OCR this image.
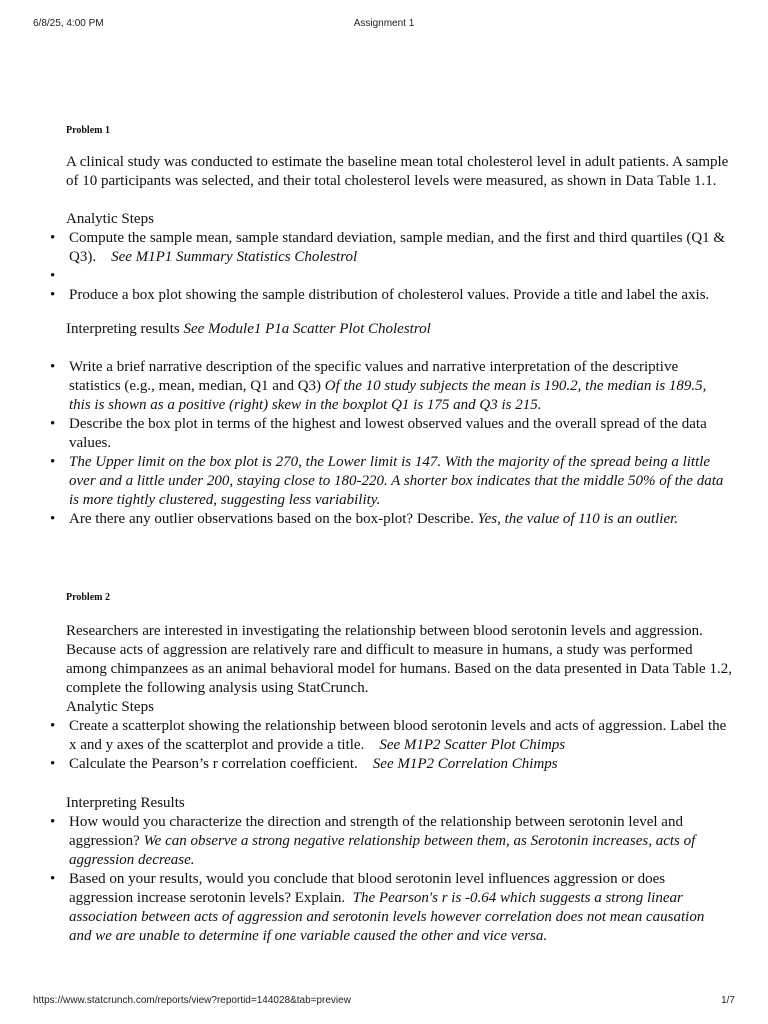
6/8/25, 4:00 PM	Assignment 1
Problem 1
A clinical study was conducted to estimate the baseline mean total cholesterol level in adult patients. A sample of 10 participants was selected, and their total cholesterol levels were measured, as shown in Data Table 1.1.
Analytic Steps
• Compute the sample mean, sample standard deviation, sample median, and the first and third quartiles (Q1 & Q3). See M1P1 Summary Statistics Cholestrol
•
• Produce a box plot showing the sample distribution of cholesterol values. Provide a title and label the axis.
Interpreting results See Module1 P1a Scatter Plot Cholestrol
• Write a brief narrative description of the specific values and narrative interpretation of the descriptive statistics (e.g., mean, median, Q1 and Q3) Of the 10 study subjects the mean is 190.2, the median is 189.5, this is shown as a positive (right) skew in the boxplot Q1 is 175 and Q3 is 215.
• Describe the box plot in terms of the highest and lowest observed values and the overall spread of the data values.
• The Upper limit on the box plot is 270, the Lower limit is 147. With the majority of the spread being a little over and a little under 200, staying close to 180-220. A shorter box indicates that the middle 50% of the data is more tightly clustered, suggesting less variability.
• Are there any outlier observations based on the box-plot? Describe. Yes, the value of 110 is an outlier.
Problem 2
Researchers are interested in investigating the relationship between blood serotonin levels and aggression. Because acts of aggression are relatively rare and difficult to measure in humans, a study was performed among chimpanzees as an animal behavioral model for humans. Based on the data presented in Data Table 1.2, complete the following analysis using StatCrunch.
Analytic Steps
• Create a scatterplot showing the relationship between blood serotonin levels and acts of aggression. Label the x and y axes of the scatterplot and provide a title. See M1P2 Scatter Plot Chimps
• Calculate the Pearson’s r correlation coefficient. See M1P2 Correlation Chimps
Interpreting Results
• How would you characterize the direction and strength of the relationship between serotonin level and aggression? We can observe a strong negative relationship between them, as Serotonin increases, acts of aggression decrease.
• Based on your results, would you conclude that blood serotonin level influences aggression or does aggression increase serotonin levels? Explain. The Pearson's r is -0.64 which suggests a strong linear association between acts of aggression and serotonin levels however correlation does not mean causation and we are unable to determine if one variable caused the other and vice versa.
https://www.statcrunch.com/reports/view?reportid=144028&tab=preview	1/7
